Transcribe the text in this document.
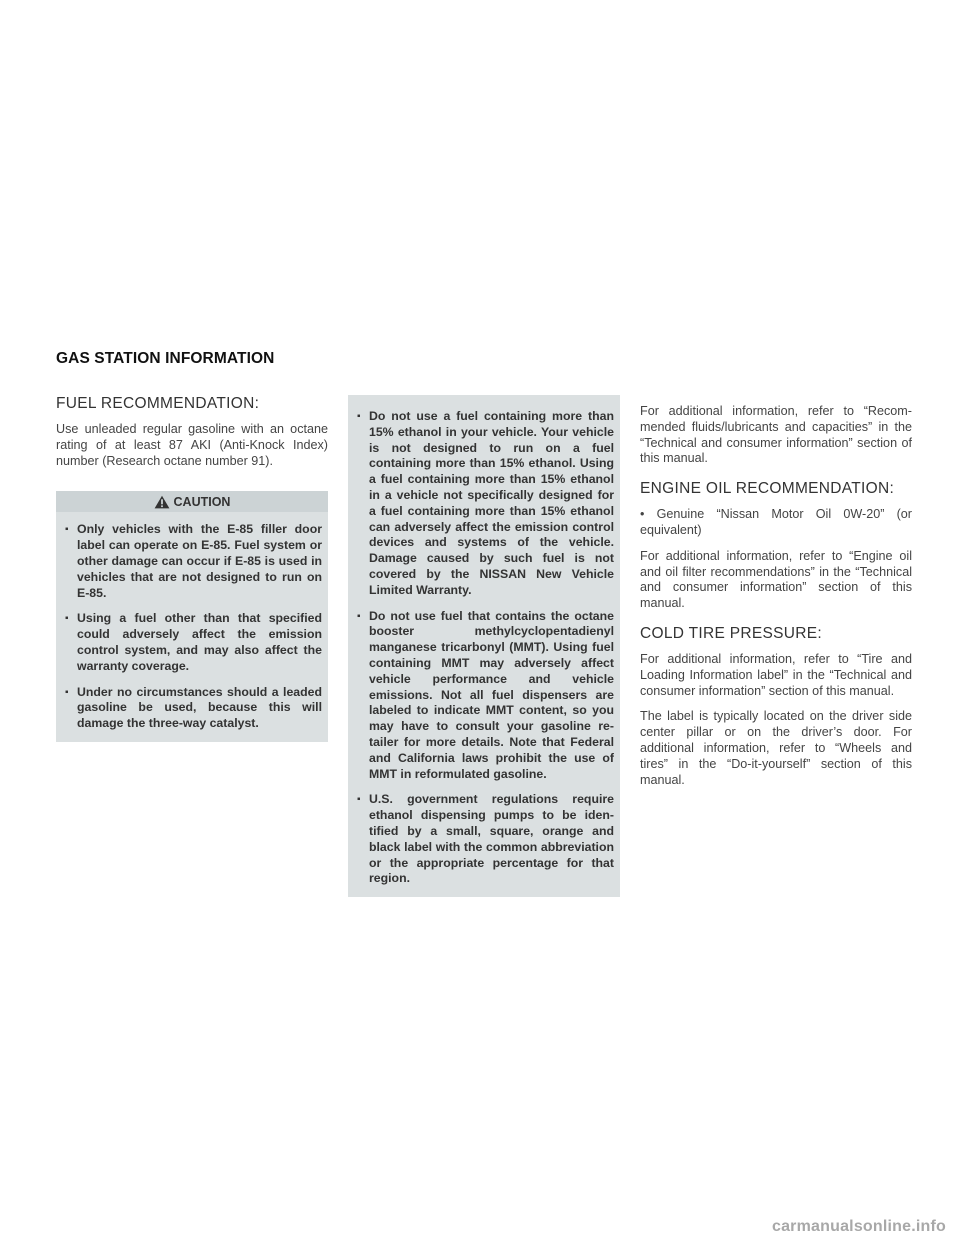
GAS STATION INFORMATION
FUEL RECOMMENDATION:

Use unleaded regular gasoline with an octane rating of at least 87 AKI (Anti-Knock Index) number (Research octane number 91).

CAUTION
▪ Only vehicles with the E-85 filler door label can operate on E-85. Fuel system or other damage can occur if E-85 is used in vehicles that are not designed to run on E-85.
▪ Using a fuel other than that specified could adversely affect the emission control system, and may also affect the warranty coverage.
▪ Under no circumstances should a leaded gasoline be used, because this will damage the three-way catalyst.
▪ Do not use a fuel containing more than 15% ethanol in your vehicle. Your vehicle is not designed to run on a fuel containing more than 15% ethanol. Using a fuel containing more than 15% ethanol in a vehicle not specifically designed for a fuel containing more than 15% ethanol can adversely affect the emission control devices and systems of the vehicle. Damage caused by such fuel is not covered by the NISSAN New Vehicle Limited Warranty.
▪ Do not use fuel that contains the octane booster methylcyclopentadienyl manganese tricarbonyl (MMT). Using fuel containing MMT may adversely affect vehicle performance and vehicle emissions. Not all fuel dispensers are labeled to indicate MMT content, so you may have to consult your gasoline retailer for more details. Note that Federal and California laws prohibit the use of MMT in reformulated gasoline.
▪ U.S. government regulations require ethanol dispensing pumps to be identified by a small, square, orange and black label with the common abbreviation or the appropriate percentage for that region.

For additional information, refer to “Recommended fluids/lubricants and capacities” in the “Technical and consumer information” section of this manual.

ENGINE OIL RECOMMENDATION:

• Genuine “Nissan Motor Oil 0W-20” (or equivalent)

For additional information, refer to “Engine oil and oil filter recommendations” in the “Technical and consumer information” section of this manual.

COLD TIRE PRESSURE:

For additional information, refer to “Tire and Loading Information label” in the “Technical and consumer information” section of this manual.

The label is typically located on the driver side center pillar or on the driver’s door. For additional information, refer to “Wheels and tires” in the “Do-it-yourself” section of this manual.

carmanualsonline.info
